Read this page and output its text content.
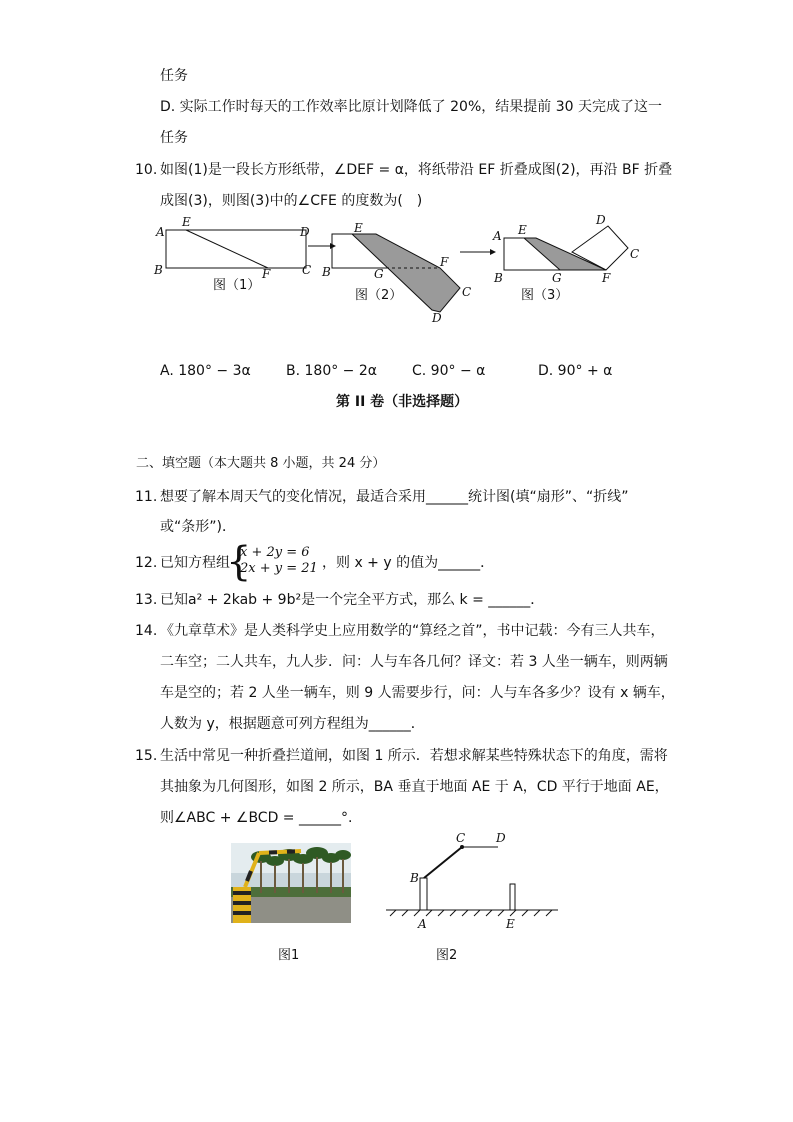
任务
D. 实际工作时每天的工作效率比原计划降低了 20%，结果提前 30 天完成了这一
任务
10. 如图(1)是一段长方形纸带，∠DEF = α，将纸带沿 EF 折叠成图(2)，再沿 BF 折叠
成图(3)，则图(3)中的∠CFE 的度数为(　)
A
E
D
B	F	C
E
B	G
F
C
D
A E
B	G	F
C
D
图（1）
图（2）	图（3）
A. 180° − 3α	B. 180° − 2α	C. 90° − α	D. 90° + α
第 II 卷（非选择题）
二、填空题（本大题共 8 小题，共 24 分）
11. 想要了解本周天气的变化情况，最适合采用______统计图(填“扇形”、“折线”
或“条形”)．
12. 已知方程组
{
x + 2y = 6
2x + y = 21 ，则 x + y 的值为______．
13. 已知a² + 2kab + 9b²是一个完全平方式，那么 k = ______．
14. 《九章草术》是人类科学史上应用数学的“算经之首”，书中记载：今有三人共车，
二车空；二人共车，九人步．问：人与车各几何？译文：若 3 人坐一辆车，则两辆
车是空的；若 2 人坐一辆车，则 9 人需要步行，问：人与车各多少？设有 x 辆车，
人数为 y，根据题意可列方程组为______．
15. 生活中常见一种折叠拦道闸，如图 1 所示．若想求解某些特殊状态下的角度，需将
其抽象为几何图形，如图 2 所示，BA 垂直于地面 AE 于 A，CD 平行于地面 AE，
则∠ABC + ∠BCD = ______°.
B
C	D
A	E
图1	图2
